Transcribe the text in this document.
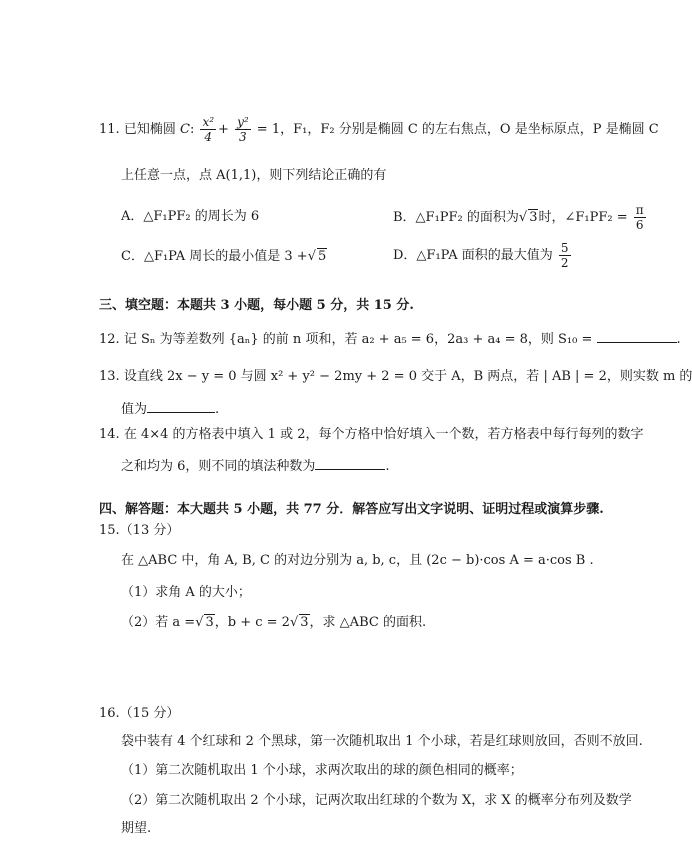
11. 已知椭圆 C: $\frac{\text{x²}}{4} + \frac{\text{y²}}{3} = 1$，F₁，F₂ 分别是椭圆 C 的左右焦点，O 是坐标原点，P 是椭圆 C
上任意一点，点 A(1,1)，则下列结论正确的有
A．△F₁PF₂ 的周长为 6	B．△F₁PF₂ 的面积为√ 3时，∠F₁PF₂ = $\frac{\pi}{6}$
C．△F₁PA 周长的最小值是 3 +√ 5	D．△F₁PA 面积的最大值为 $\frac{5}{2}$
三、填空题：本题共 3 小题，每小题 5 分，共 15 分.
12. 记 Sₙ 为等差数列 {aₙ} 的前 n 项和，若 a₂ + a₅ = 6，2a₃ + a₄ = 8，则 S₁₀ =	.
13. 设直线 2x − y = 0 与圆 x² + y² − 2my + 2 = 0 交于 A，B 两点，若 | AB | = 2，则实数 m 的
值为	.
14. 在 4×4 的方格表中填入 1 或 2，每个方格中恰好填入一个数，若方格表中每行每列的数字
之和均为 6，则不同的填法种数为	.
四、解答题：本大题共 5 小题，共 77 分．解答应写出文字说明、证明过程或演算步骤.
15.（13 分）
在 △ABC 中，角 A, B, C 的对边分别为 a, b, c，且 (2c − b)·cos A = a·cos B .
（1）求角 A 的大小；
（2）若 a =√ 3，b + c = 2√ 3，求 △ABC 的面积.
16.（15 分）
袋中装有 4 个红球和 2 个黑球，第一次随机取出 1 个小球，若是红球则放回，否则不放回.
（1）第二次随机取出 1 个小球，求两次取出的球的颜色相同的概率；
（2）第二次随机取出 2 个小球，记两次取出红球的个数为 X，求 X 的概率分布列及数学
期望.
